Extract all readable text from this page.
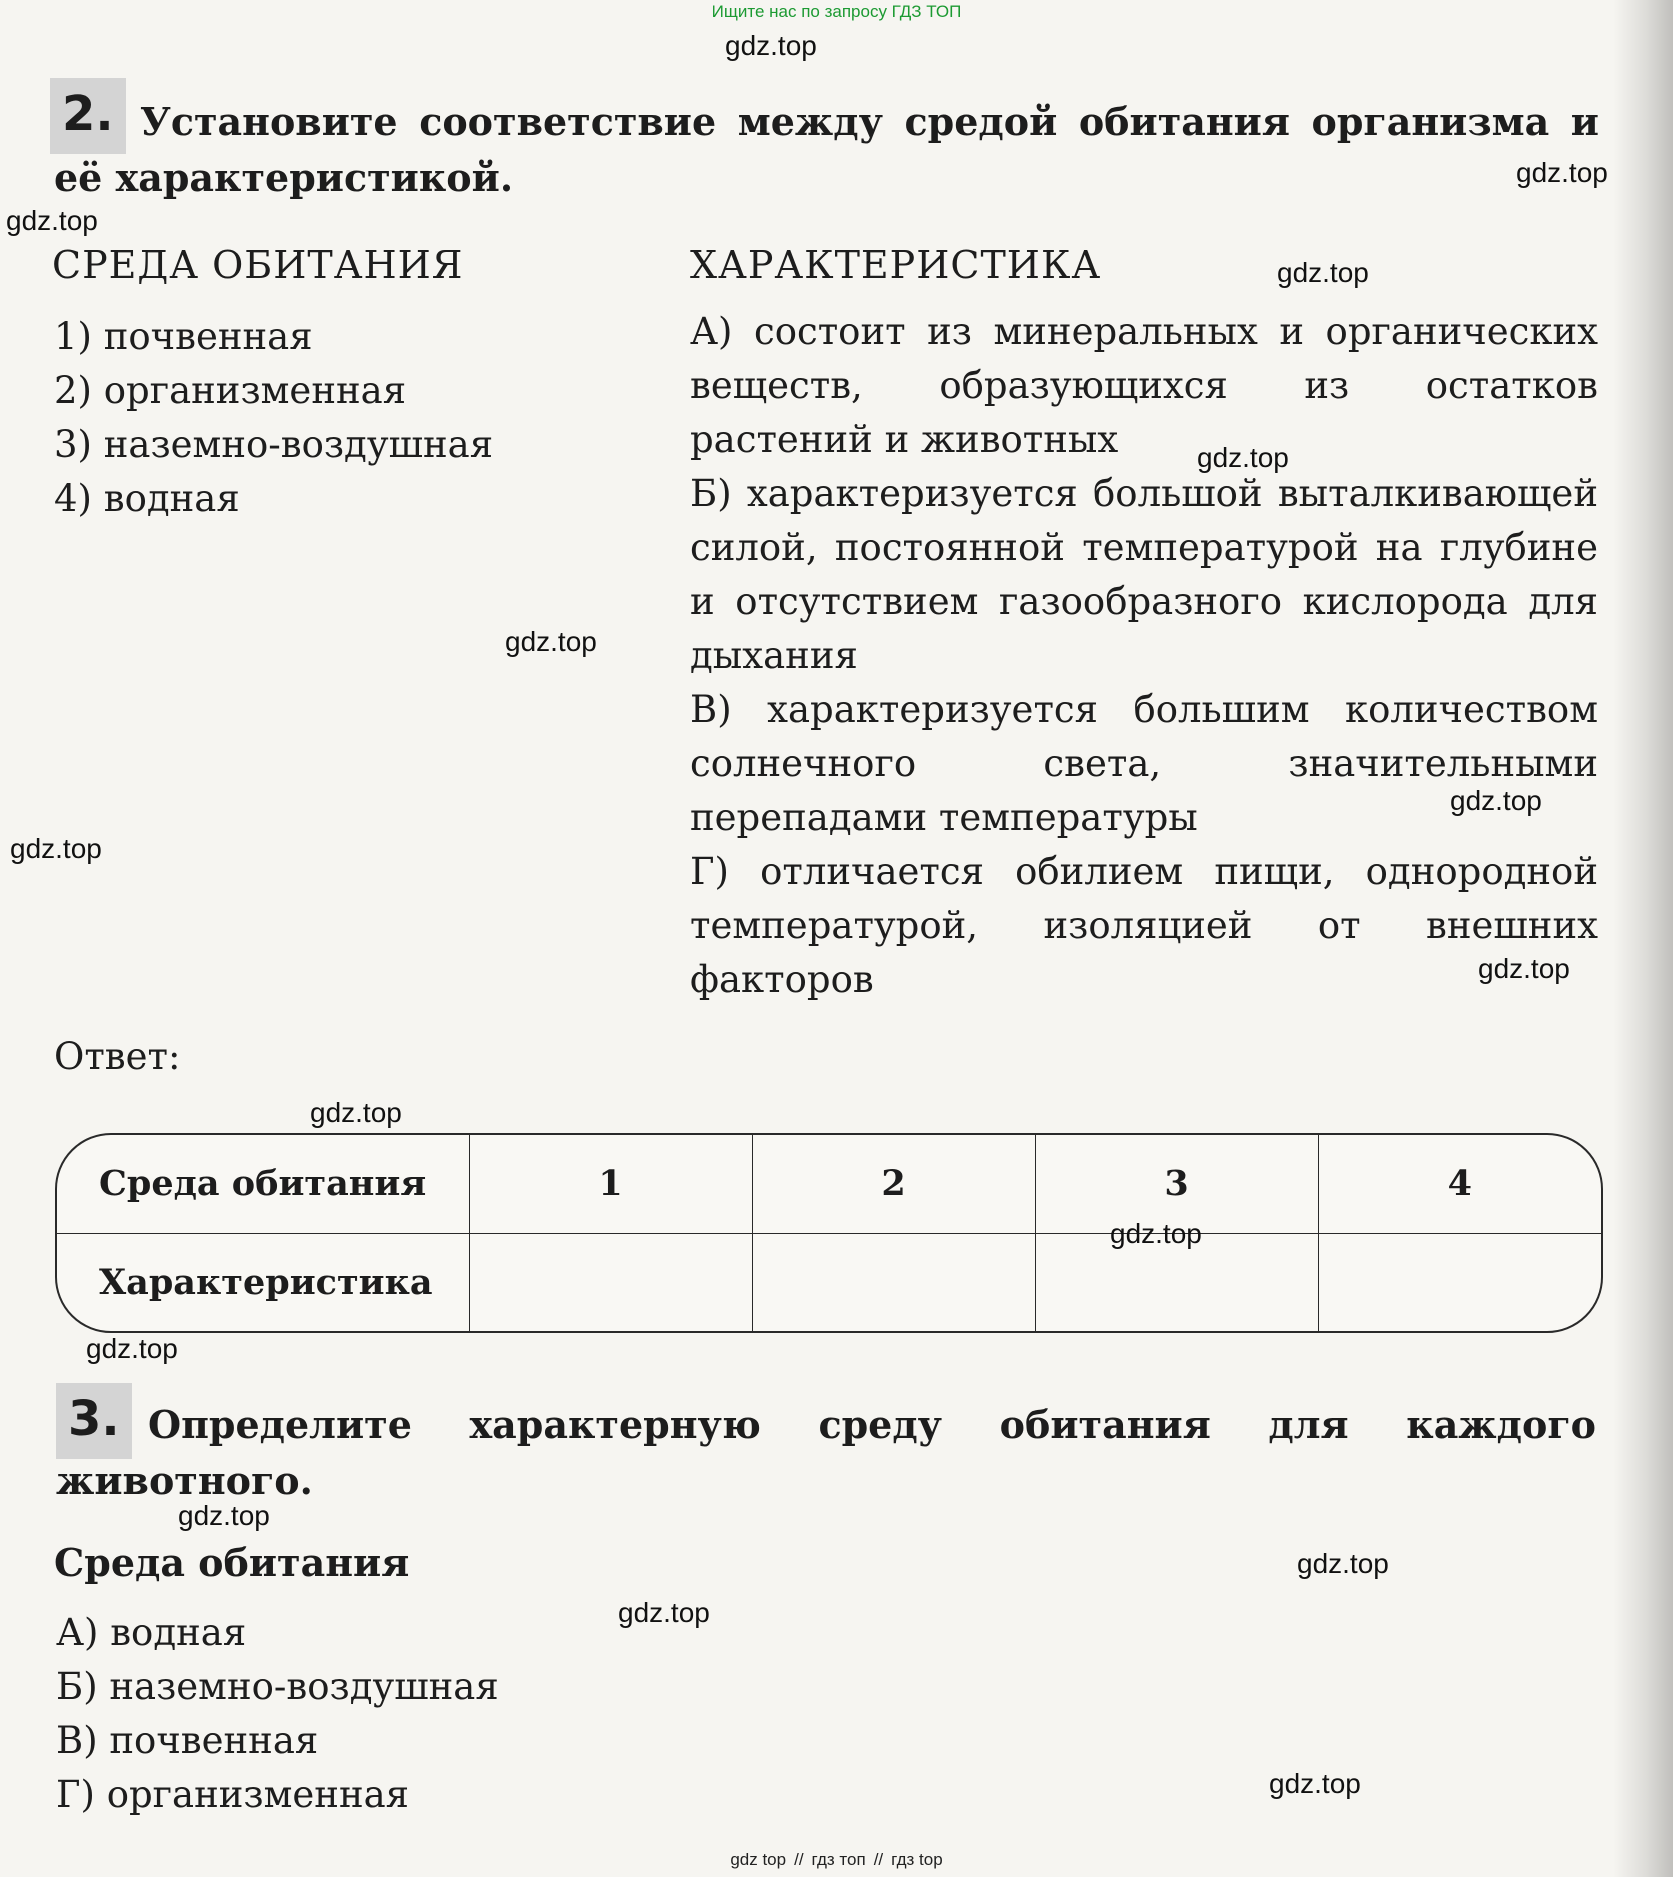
Ищите нас по запросу ГДЗ ТОП
2. Установите соответствие между средой обитания организма и её характеристикой.
СРЕДА ОБИТАНИЯ	ХАРАКТЕРИСТИКА
1) почвенная
2) организменная
3) наземно-воздушная
4) водная

А) состоит из минеральных и органических веществ, образующихся из остатков растений и животных

Б) характеризуется большой выталкивающей силой, постоянной температурой на глубине и отсутствием газообразного кислорода для дыхания

В) характеризуется большим количеством солнечного света, значительными перепадами температуры

Г) отличается обилием пищи, однородной температурой, изоляцией от внешних факторов

Ответ:
Среда обитания	1	2	3	4
Характеристика				
3. Определите характерную среду обитания для каждого животного.
Среда обитания
А) водная
Б) наземно-воздушная
В) почвенная
Г) организменная
gdz.top
gdz.top
gdz.top
gdz.top
gdz.top
gdz.top
gdz.top
gdz.top
gdz.top
gdz.top
gdz.top
gdz.top
gdz.top
gdz.top
gdz.top
gdz.top
gdz top // гдз топ // гдз top
